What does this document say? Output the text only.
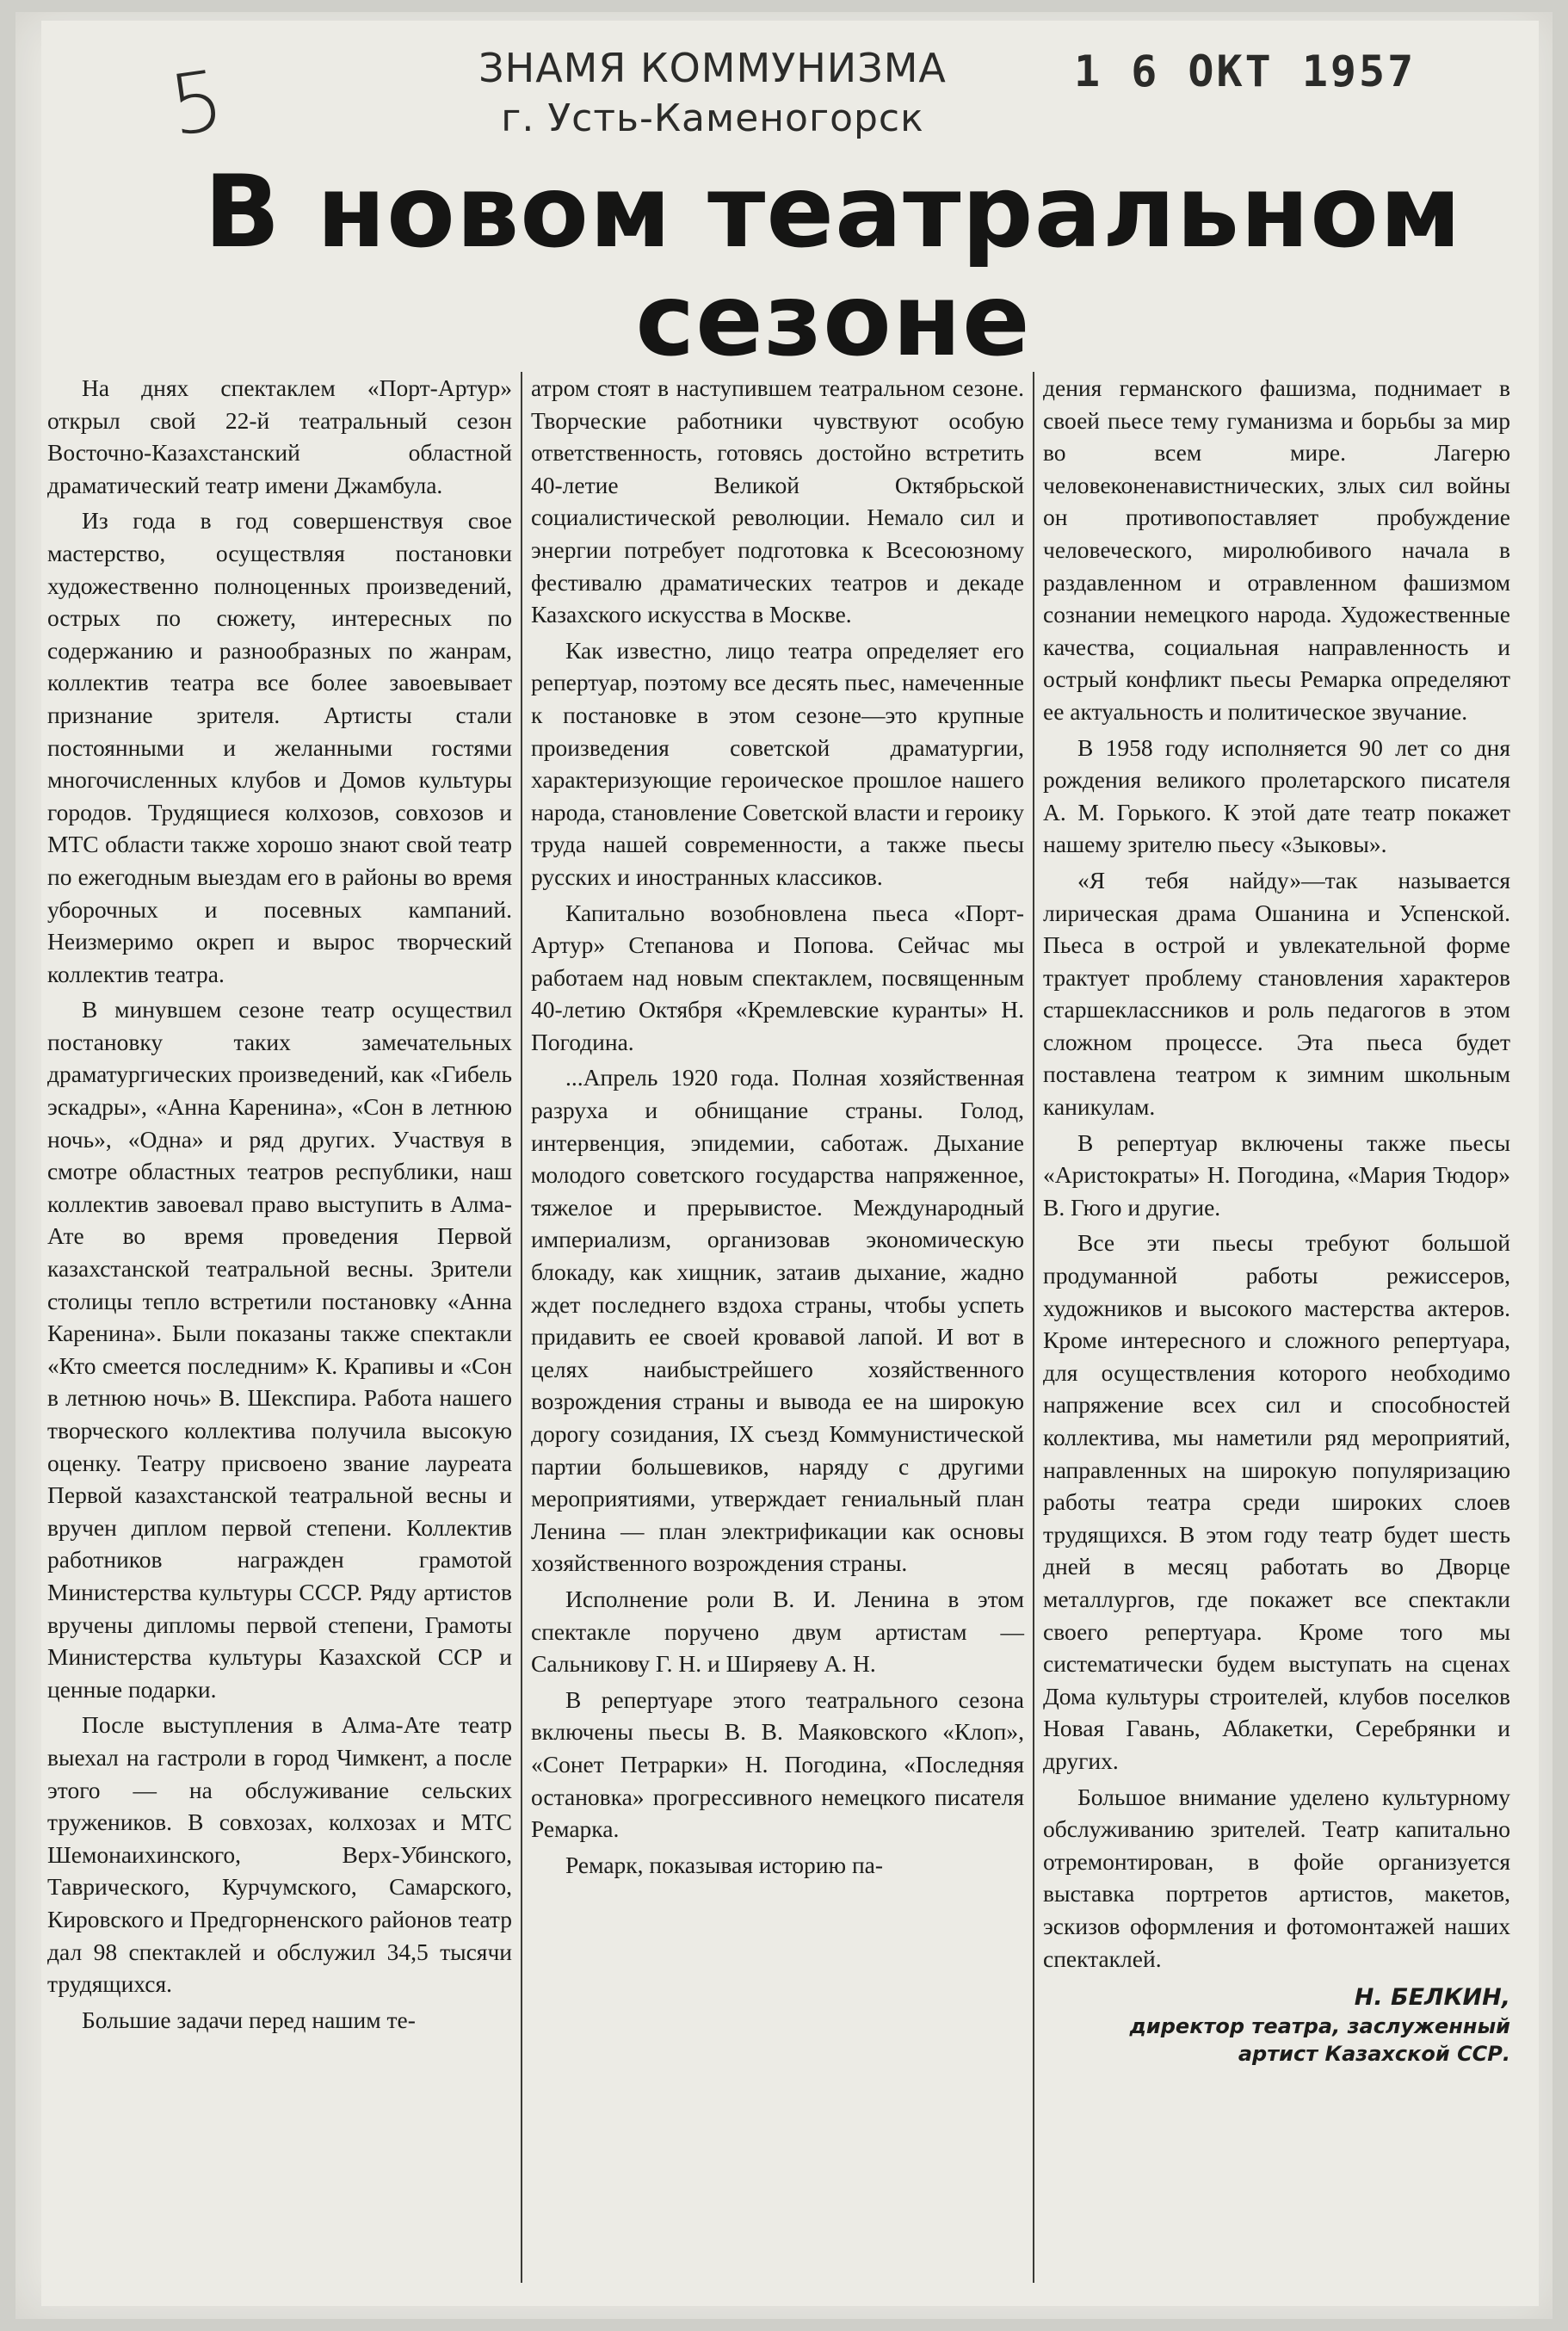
5	ЗНАМЯ КОММУНИЗМА
г. Усть-Каменогорск
1 6 ОКТ 1957
В новом театральном
сезоне

На днях спектаклем «Порт-Артур» открыл свой 22-й театральный сезон Восточно-Казахстанский областной драматический театр имени Джамбула.

Из года в год совершенствуя свое мастерство, осуществляя постановки художественно полноценных произведений, острых по сюжету, интересных по содержанию и разнообразных по жанрам, коллектив театра все более завоевывает признание зрителя. Артисты стали постоянными и желанными гостями многочисленных клубов и Домов культуры городов. Трудящиеся колхозов, совхозов и МТС области также хорошо знают свой театр по ежегодным выездам его в районы во время уборочных и посевных кампаний. Неизмеримо окреп и вырос творческий коллектив театра.

В минувшем сезоне театр осуществил постановку таких замечательных драматургических произведений, как «Гибель эскадры», «Анна Каренина», «Сон в летнюю ночь», «Одна» и ряд других. Участвуя в смотре областных театров республики, наш коллектив завоевал право выступить в Алма-Ате во время проведения Первой казахстанской театральной весны. Зрители столицы тепло встретили постановку «Анна Каренина». Были показаны также спектакли «Кто смеется последним» К. Крапивы и «Сон в летнюю ночь» В. Шекспира. Работа нашего творческого коллектива получила высокую оценку. Театру присвоено звание лауреата Первой казахстанской театральной весны и вручен диплом первой степени. Коллектив работников награжден грамотой Министерства культуры СССР. Ряду артистов вручены дипломы первой степени, Грамоты Министерства культуры Казахской ССР и ценные подарки.

После выступления в Алма-Ате театр выехал на гастроли в город Чимкент, а после этого — на обслуживание сельских тружеников. В совхозах, колхозах и МТС Шемонаихинского, Верх-Убинского, Таврического, Курчумского, Самарского, Кировского и Предгорненского районов театр дал 98 спектаклей и обслужил 34,5 тысячи трудящихся.

Большие задачи перед нашим те-

атром стоят в наступившем театральном сезоне. Творческие работники чувствуют особую ответственность, готовясь достойно встретить 40-летие Великой Октябрьской социалистической революции. Немало сил и энергии потребует подготовка к Всесоюзному фестивалю драматических театров и декаде Казахского искусства в Москве.

Как известно, лицо театра определяет его репертуар, поэтому все десять пьес, намеченные к постановке в этом сезоне—это крупные произведения советской драматургии, характеризующие героическое прошлое нашего народа, становление Советской власти и героику труда нашей современности, а также пьесы русских и иностранных классиков.

Капитально возобновлена пьеса «Порт-Артур» Степанова и Попова. Сейчас мы работаем над новым спектаклем, посвященным 40-летию Октября «Кремлевские куранты» Н. Погодина.

...Апрель 1920 года. Полная хозяйственная разруха и обнищание страны. Голод, интервенция, эпидемии, саботаж. Дыхание молодого советского государства напряженное, тяжелое и прерывистое. Международный империализм, организовав экономическую блокаду, как хищник, затаив дыхание, жадно ждет последнего вздоха страны, чтобы успеть придавить ее своей кровавой лапой. И вот в целях наибыстрейшего хозяйственного возрождения страны и вывода ее на широкую дорогу созидания, IX съезд Коммунистической партии большевиков, наряду с другими мероприятиями, утверждает гениальный план Ленина — план электрификации как основы хозяйственного возрождения страны.

Исполнение роли В. И. Ленина в этом спектакле поручено двум артистам — Сальникову Г. Н. и Ширяеву А. Н.

В репертуаре этого театрального сезона включены пьесы В. В. Маяковского «Клоп», «Сонет Петрарки» Н. Погодина, «Последняя остановка» прогрессивного немецкого писателя Ремарка.

Ремарк, показывая историю па-

дения германского фашизма, поднимает в своей пьесе тему гуманизма и борьбы за мир во всем мире. Лагерю человеконенавистнических, злых сил войны он противопоставляет пробуждение человеческого, миролюбивого начала в раздавленном и отравленном фашизмом сознании немецкого народа. Художественные качества, социальная направленность и острый конфликт пьесы Ремарка определяют ее актуальность и политическое звучание.

В 1958 году исполняется 90 лет со дня рождения великого пролетарского писателя А. М. Горького. К этой дате театр покажет нашему зрителю пьесу «Зыковы».

«Я тебя найду»—так называется лирическая драма Ошанина и Успенской. Пьеса в острой и увлекательной форме трактует проблему становления характеров старшеклассников и роль педагогов в этом сложном процессе. Эта пьеса будет поставлена театром к зимним школьным каникулам.

В репертуар включены также пьесы «Аристократы» Н. Погодина, «Мария Тюдор» В. Гюго и другие.

Все эти пьесы требуют большой продуманной работы режиссеров, художников и высокого мастерства актеров. Кроме интересного и сложного репертуара, для осуществления которого необходимо напряжение всех сил и способностей коллектива, мы наметили ряд мероприятий, направленных на широкую популяризацию работы театра среди широких слоев трудящихся. В этом году театр будет шесть дней в месяц работать во Дворце металлургов, где покажет все спектакли своего репертуара. Кроме того мы систематически будем выступать на сценах Дома культуры строителей, клубов поселков Новая Гавань, Аблакетки, Серебрянки и других.

Большое внимание уделено культурному обслуживанию зрителей. Театр капитально отремонтирован, в фойе организуется выставка портретов артистов, макетов, эскизов оформления и фотомонтажей наших спектаклей.

Н. БЕЛКИН,
директор театра, заслуженный
артист Казахской ССР.
